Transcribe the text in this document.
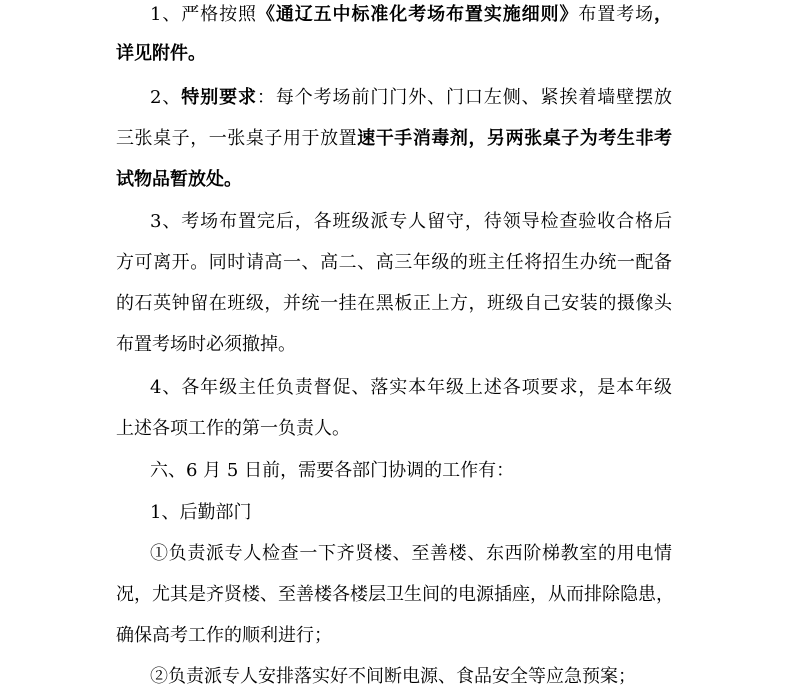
1、严格按照《通辽五中标准化考场布置实施细则》布置考场，
详见附件。
2、特别要求：每个考场前门门外、门口左侧、紧挨着墙壁摆放
三张桌子，一张桌子用于放置速干手消毒剂，另两张桌子为考生非考
试物品暂放处。
3、考场布置完后，各班级派专人留守，待领导检查验收合格后
方可离开。同时请高一、高二、高三年级的班主任将招生办统一配备
的石英钟留在班级，并统一挂在黑板正上方，班级自己安装的摄像头
布置考场时必须撤掉。
4、各年级主任负责督促、落实本年级上述各项要求，是本年级
上述各项工作的第一负责人。
六、6 月 5 日前，需要各部门协调的工作有：
1、后勤部门
①负责派专人检查一下齐贤楼、至善楼、东西阶梯教室的用电情
况，尤其是齐贤楼、至善楼各楼层卫生间的电源插座，从而排除隐患，
确保高考工作的顺利进行；
②负责派专人安排落实好不间断电源、食品安全等应急预案；
